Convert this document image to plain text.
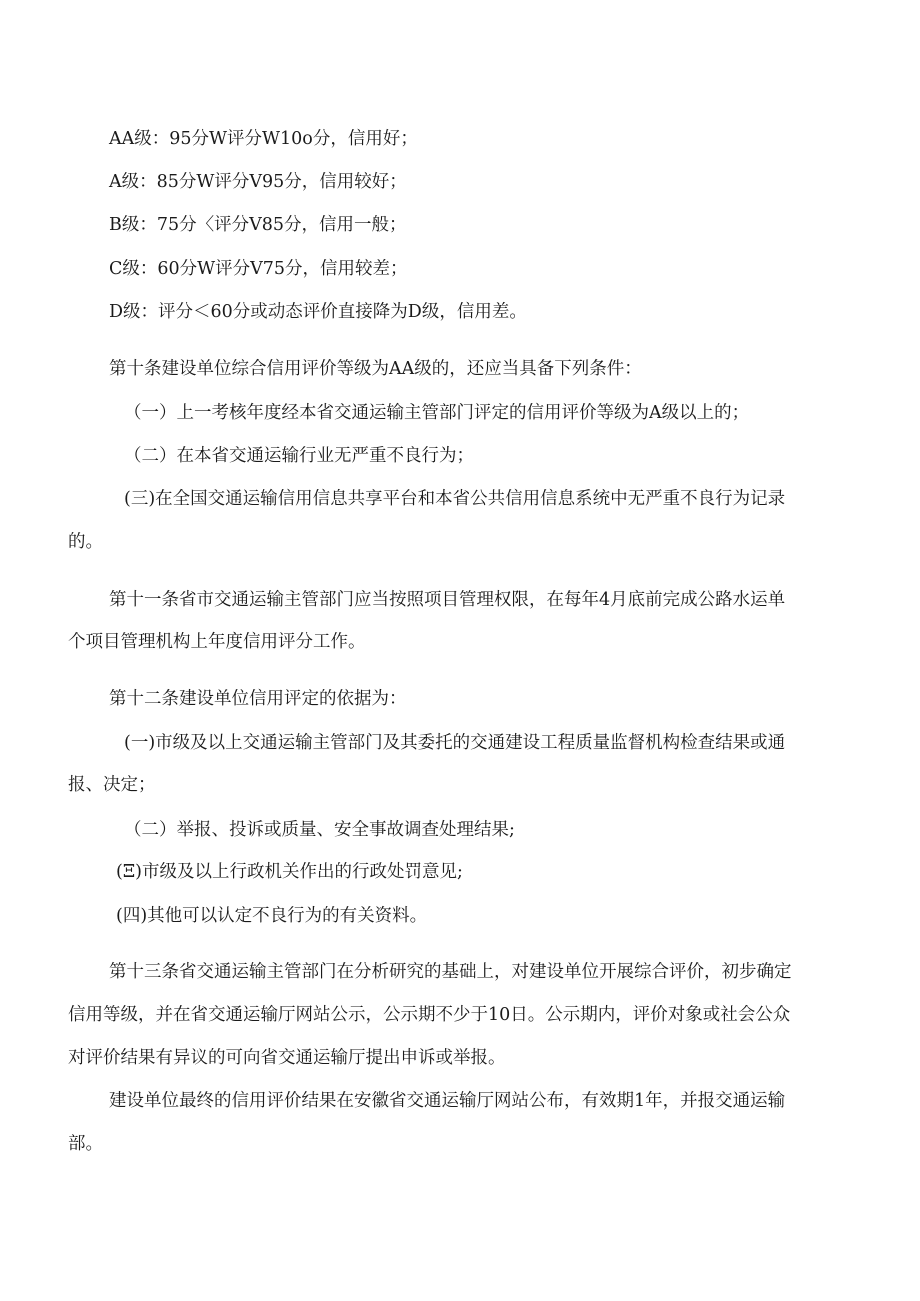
AA级：95分W评分W10o分，信用好；
A级：85分W评分V95分，信用较好；
B级：75分〈评分V85分，信用一般；
C级：60分W评分V75分，信用较差；
D级：评分＜60分或动态评价直接降为D级，信用差。
第十条建设单位综合信用评价等级为AA级的，还应当具备下列条件：
（一）上一考核年度经本省交通运输主管部门评定的信用评价等级为A级以上的；
（二）在本省交通运输行业无严重不良行为；
(三)在全国交通运输信用信息共享平台和本省公共信用信息系统中无严重不良行为记录
的。
第十一条省市交通运输主管部门应当按照项目管理权限，在每年4月底前完成公路水运单
个项目管理机构上年度信用评分工作。
第十二条建设单位信用评定的依据为：
(一)市级及以上交通运输主管部门及其委托的交通建设工程质量监督机构检查结果或通
报、决定；
（二）举报、投诉或质量、安全事故调查处理结果;
(Ξ)市级及以上行政机关作出的行政处罚意见;
(四)其他可以认定不良行为的有关资料。
第十三条省交通运输主管部门在分析研究的基础上，对建设单位开展综合评价，初步确定
信用等级，并在省交通运输厅网站公示，公示期不少于10日。公示期内，评价对象或社会公众
对评价结果有异议的可向省交通运输厅提出申诉或举报。
建设单位最终的信用评价结果在安徽省交通运输厅网站公布，有效期1年，并报交通运输
部。
